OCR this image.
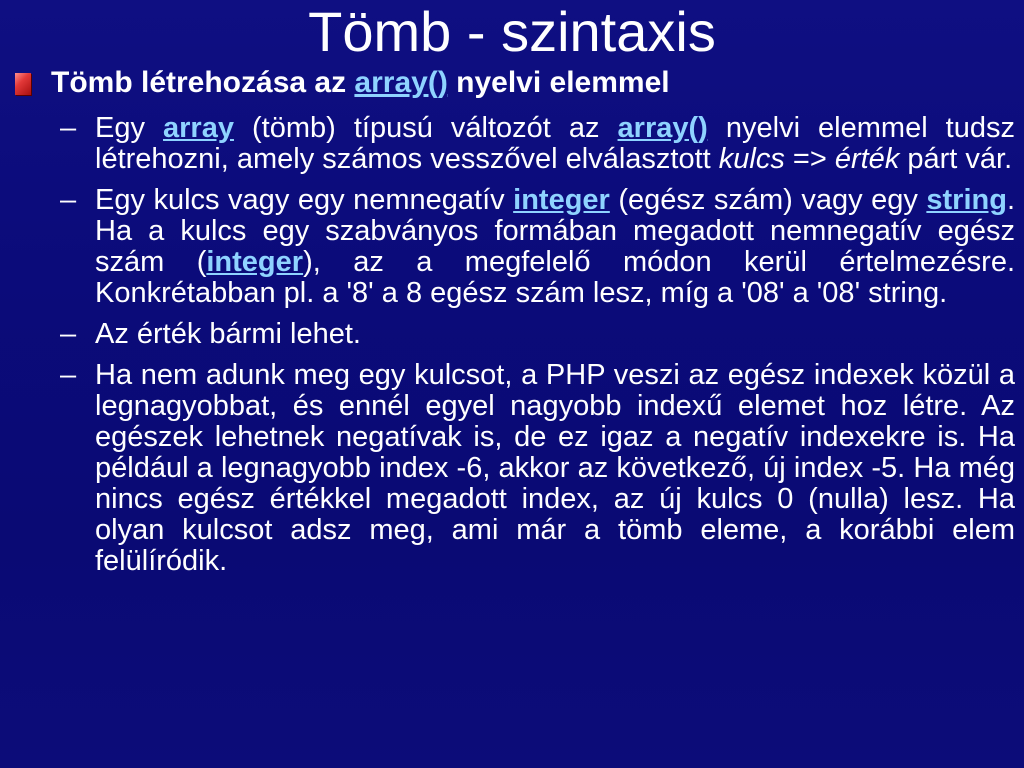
Tömb - szintaxis
Tömb létrehozása az array() nyelvi elemmel
– Egy array (tömb) típusú változót az array() nyelvi elemmel tudsz létrehozni, amely számos vesszővel elválasztott kulcs => érték párt vár.
– Egy kulcs vagy egy nemnegatív integer (egész szám) vagy egy string. Ha a kulcs egy szabványos formában megadott nemnegatív egész szám (integer), az a megfelelő módon kerül értelmezésre. Konkrétabban pl. a '8' a 8 egész szám lesz, míg a '08' a '08' string.
– Az érték bármi lehet.
– Ha nem adunk meg egy kulcsot, a PHP veszi az egész indexek közül a legnagyobbat, és ennél egyel nagyobb indexű elemet hoz létre. Az egészek lehetnek negatívak is, de ez igaz a negatív indexekre is. Ha például a legnagyobb index -6, akkor az következő, új index -5. Ha még nincs egész értékkel megadott index, az új kulcs 0 (nulla) lesz. Ha olyan kulcsot adsz meg, ami már a tömb eleme, a korábbi elem felülíródik.
